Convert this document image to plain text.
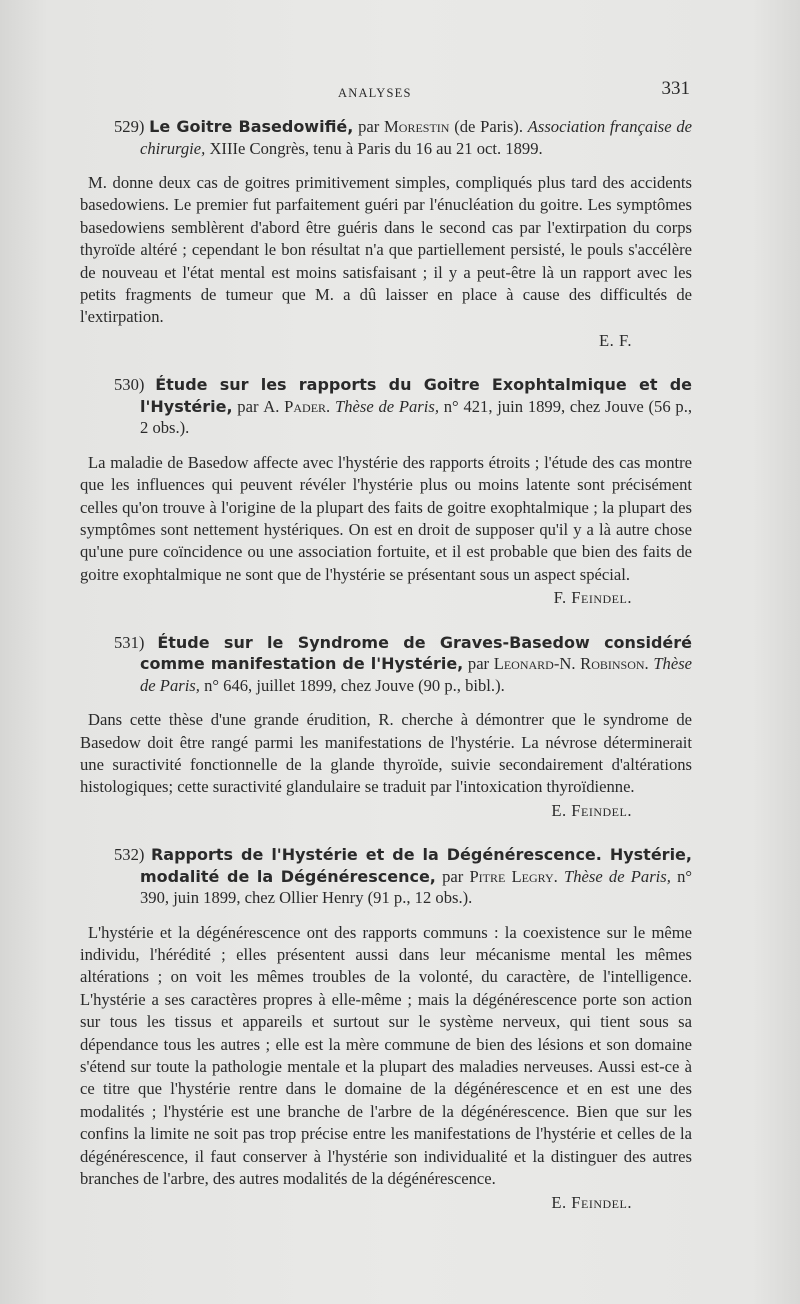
ANALYSES	331

529) Le Goitre Basedowifié, par Morestin (de Paris). Association française de chirurgie, XIIIe Congrès, tenu à Paris du 16 au 21 oct. 1899.

M. donne deux cas de goitres primitivement simples, compliqués plus tard des accidents basedowiens. Le premier fut parfaitement guéri par l'énucléation du goitre. Les symptômes basedowiens semblèrent d'abord être guéris dans le second cas par l'extirpation du corps thyroïde altéré ; cependant le bon résultat n'a que partiellement persisté, le pouls s'accélère de nouveau et l'état mental est moins satisfaisant ; il y a peut-être là un rapport avec les petits fragments de tumeur que M. a dû laisser en place à cause des difficultés de l'extirpation.

E. F.

530) Étude sur les rapports du Goitre Exophtalmique et de l'Hystérie, par A. Pader. Thèse de Paris, n° 421, juin 1899, chez Jouve (56 p., 2 obs.).

La maladie de Basedow affecte avec l'hystérie des rapports étroits ; l'étude des cas montre que les influences qui peuvent révéler l'hystérie plus ou moins latente sont précisément celles qu'on trouve à l'origine de la plupart des faits de goitre exophtalmique ; la plupart des symptômes sont nettement hystériques. On est en droit de supposer qu'il y a là autre chose qu'une pure coïncidence ou une association fortuite, et il est probable que bien des faits de goitre exophtalmique ne sont que de l'hystérie se présentant sous un aspect spécial.

F. Feindel.

531) Étude sur le Syndrome de Graves-Basedow considéré comme manifestation de l'Hystérie, par Leonard-N. Robinson. Thèse de Paris, n° 646, juillet 1899, chez Jouve (90 p., bibl.).

Dans cette thèse d'une grande érudition, R. cherche à démontrer que le syndrome de Basedow doit être rangé parmi les manifestations de l'hystérie. La névrose déterminerait une suractivité fonctionnelle de la glande thyroïde, suivie secondairement d'altérations histologiques; cette suractivité glandulaire se traduit par l'intoxication thyroïdienne.

E. Feindel.

532) Rapports de l'Hystérie et de la Dégénérescence. Hystérie, modalité de la Dégénérescence, par Pitre Legry. Thèse de Paris, n° 390, juin 1899, chez Ollier Henry (91 p., 12 obs.).

L'hystérie et la dégénérescence ont des rapports communs : la coexistence sur le même individu, l'hérédité ; elles présentent aussi dans leur mécanisme mental les mêmes altérations ; on voit les mêmes troubles de la volonté, du caractère, de l'intelligence. L'hystérie a ses caractères propres à elle-même ; mais la dégénérescence porte son action sur tous les tissus et appareils et surtout sur le système nerveux, qui tient sous sa dépendance tous les autres ; elle est la mère commune de bien des lésions et son domaine s'étend sur toute la pathologie mentale et la plupart des maladies nerveuses. Aussi est-ce à ce titre que l'hystérie rentre dans le domaine de la dégénérescence et en est une des modalités ; l'hystérie est une branche de l'arbre de la dégénérescence. Bien que sur les confins la limite ne soit pas trop précise entre les manifestations de l'hystérie et celles de la dégénérescence, il faut conserver à l'hystérie son individualité et la distinguer des autres branches de l'arbre, des autres modalités de la dégénérescence.

E. Feindel.
